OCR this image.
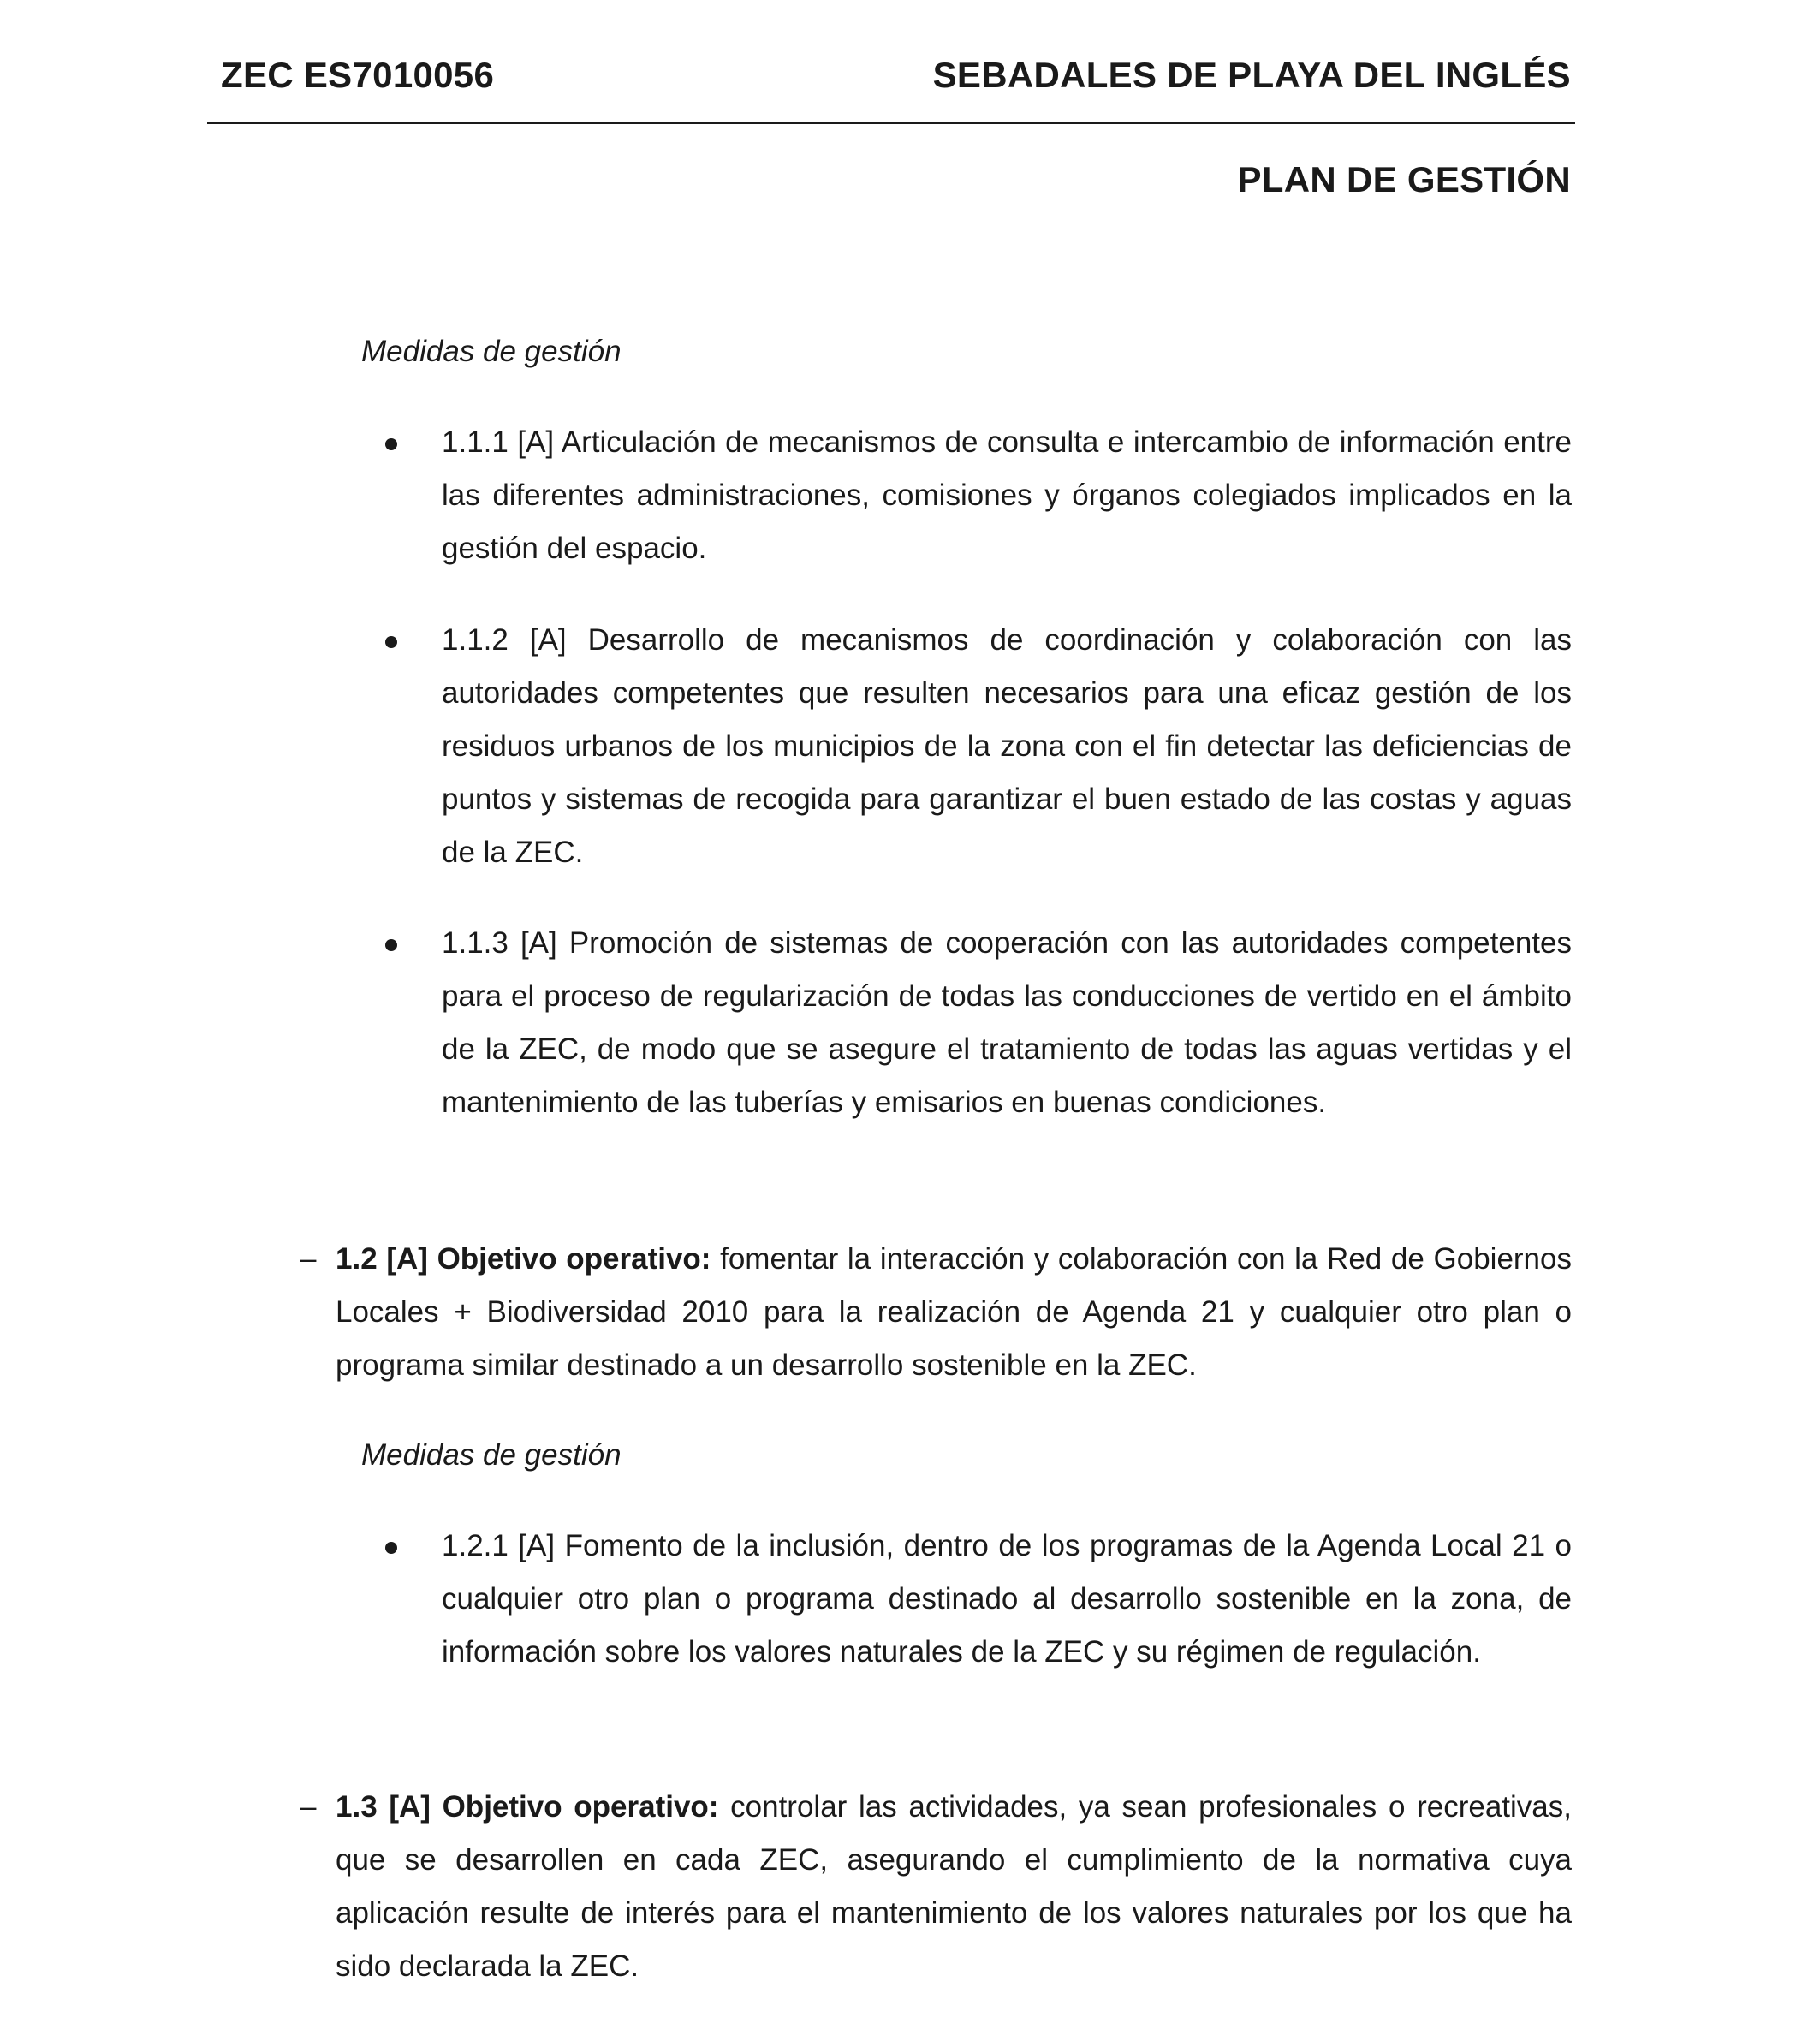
ZEC ES7010056	SEBADALES DE PLAYA DEL INGLÉS
PLAN DE GESTIÓN
Medidas de gestión
1.1.1 [A] Articulación de mecanismos de consulta e intercambio de información entre las diferentes administraciones, comisiones y órganos colegiados implicados en la gestión del espacio.
1.1.2 [A] Desarrollo de mecanismos de coordinación y colaboración con las autoridades competentes que resulten necesarios para una eficaz gestión de los residuos urbanos de los municipios de la zona con el fin detectar las deficiencias de puntos y sistemas de recogida para garantizar el buen estado de las costas y aguas de la ZEC.
1.1.3 [A] Promoción de sistemas de cooperación con las autoridades competentes para el proceso de regularización de todas las conducciones de vertido en el ámbito de la ZEC, de modo que se asegure el tratamiento de todas las aguas vertidas y el mantenimiento de las tuberías y emisarios en buenas condiciones.
– 1.2 [A] Objetivo operativo: fomentar la interacción y colaboración con la Red de Gobiernos Locales + Biodiversidad 2010 para la realización de Agenda 21 y cualquier otro plan o programa similar destinado a un desarrollo sostenible en la ZEC.
Medidas de gestión
1.2.1 [A] Fomento de la inclusión, dentro de los programas de la Agenda Local 21 o cualquier otro plan o programa destinado al desarrollo sostenible en la zona, de información sobre los valores naturales de la ZEC y su régimen de regulación.
– 1.3 [A] Objetivo operativo: controlar las actividades, ya sean profesionales o recreativas, que se desarrollen en cada ZEC, asegurando el cumplimiento de la normativa cuya aplicación resulte de interés para el mantenimiento de los valores naturales por los que ha sido declarada la ZEC.
